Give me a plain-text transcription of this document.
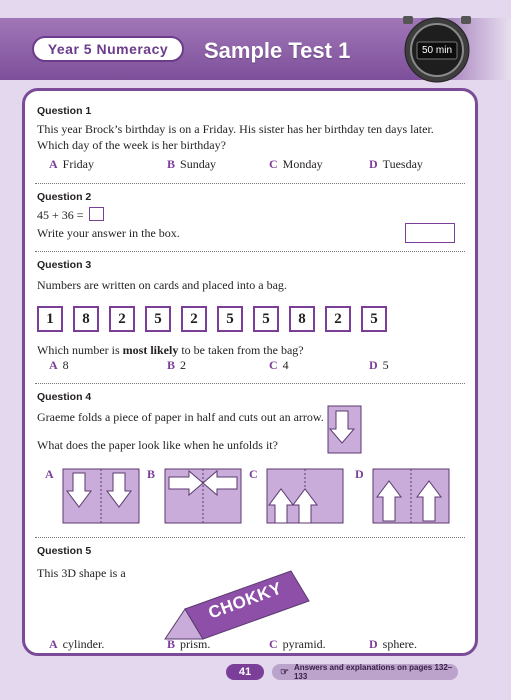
Year 5 Numeracy	Sample Test 1	50 min
Question 1
This year Brock’s birthday is on a Friday. His sister has her birthday ten days later. Which day of the week is her birthday?
A Friday	B Sunday	C Monday	D Tuesday
Question 2
45 + 36 =
Write your answer in the box.
Question 3
Numbers are written on cards and placed into a bag.
1	8	2	5	2	5	5	8	2	5
Which number is most likely to be taken from the bag?
A 8	B 2	C 4	D 5
Question 4
Graeme folds a piece of paper in half and cuts out an arrow.
What does the paper look like when he unfolds it?
A	B	C	D
Question 5
This 3D shape is a
CHOKKY
A cylinder.	B prism.	C pyramid.	D sphere.
41	☞ Answers and explanations on pages 132–133
